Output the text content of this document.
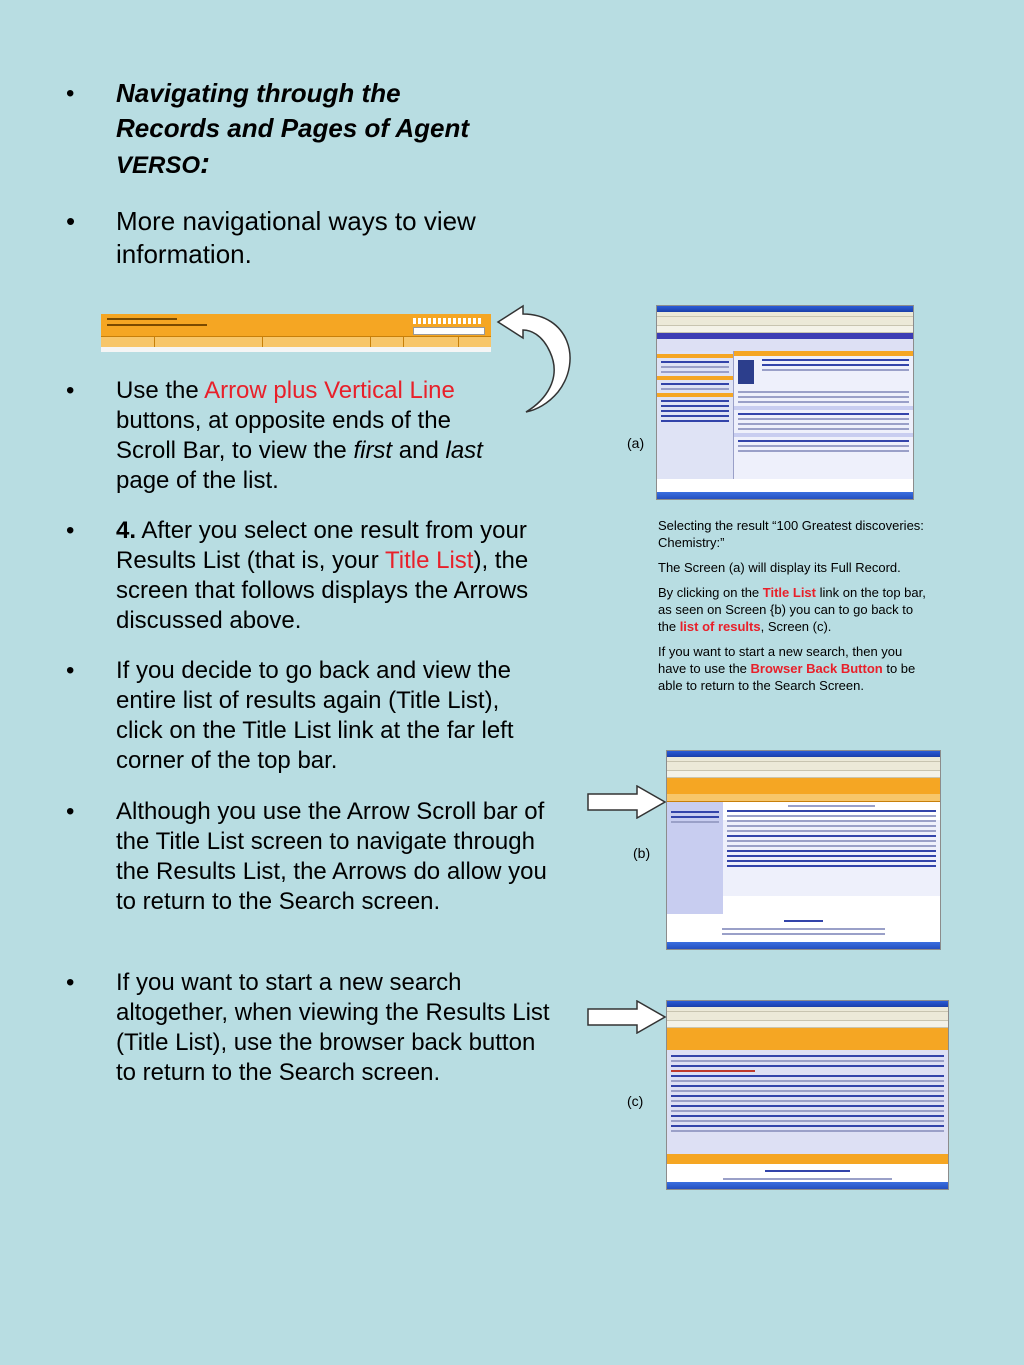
• Navigating through the
Records and Pages of Agent
VERSO:
• More navigational ways to view information.
• Use the Arrow plus Vertical Line buttons, at opposite ends of the Scroll Bar, to view the first and last page of the list.
• 4. After you select one result from your Results List (that is, your Title List), the screen that follows displays the Arrows discussed above.
• If you decide to go back and view the entire list of results again (Title List), click on the Title List link at the far left corner of the top bar.
• Although you use the Arrow Scroll bar of the Title List screen to navigate through the Results List, the Arrows do allow you to return to the Search screen.
• If you want to start a new search altogether, when viewing the Results List (Title List), use the browser back button to return to the Search screen.
(a)

Selecting the result “100 Greatest discoveries: Chemistry:”

The Screen (a) will display its Full Record.

By clicking on the Title List link on the top bar, as seen on Screen {b) you can to go back to the list of results, Screen (c).

If you want to start a new search, then you have to use the Browser Back Button to be able to return to the Search Screen.

(b)
(c)
